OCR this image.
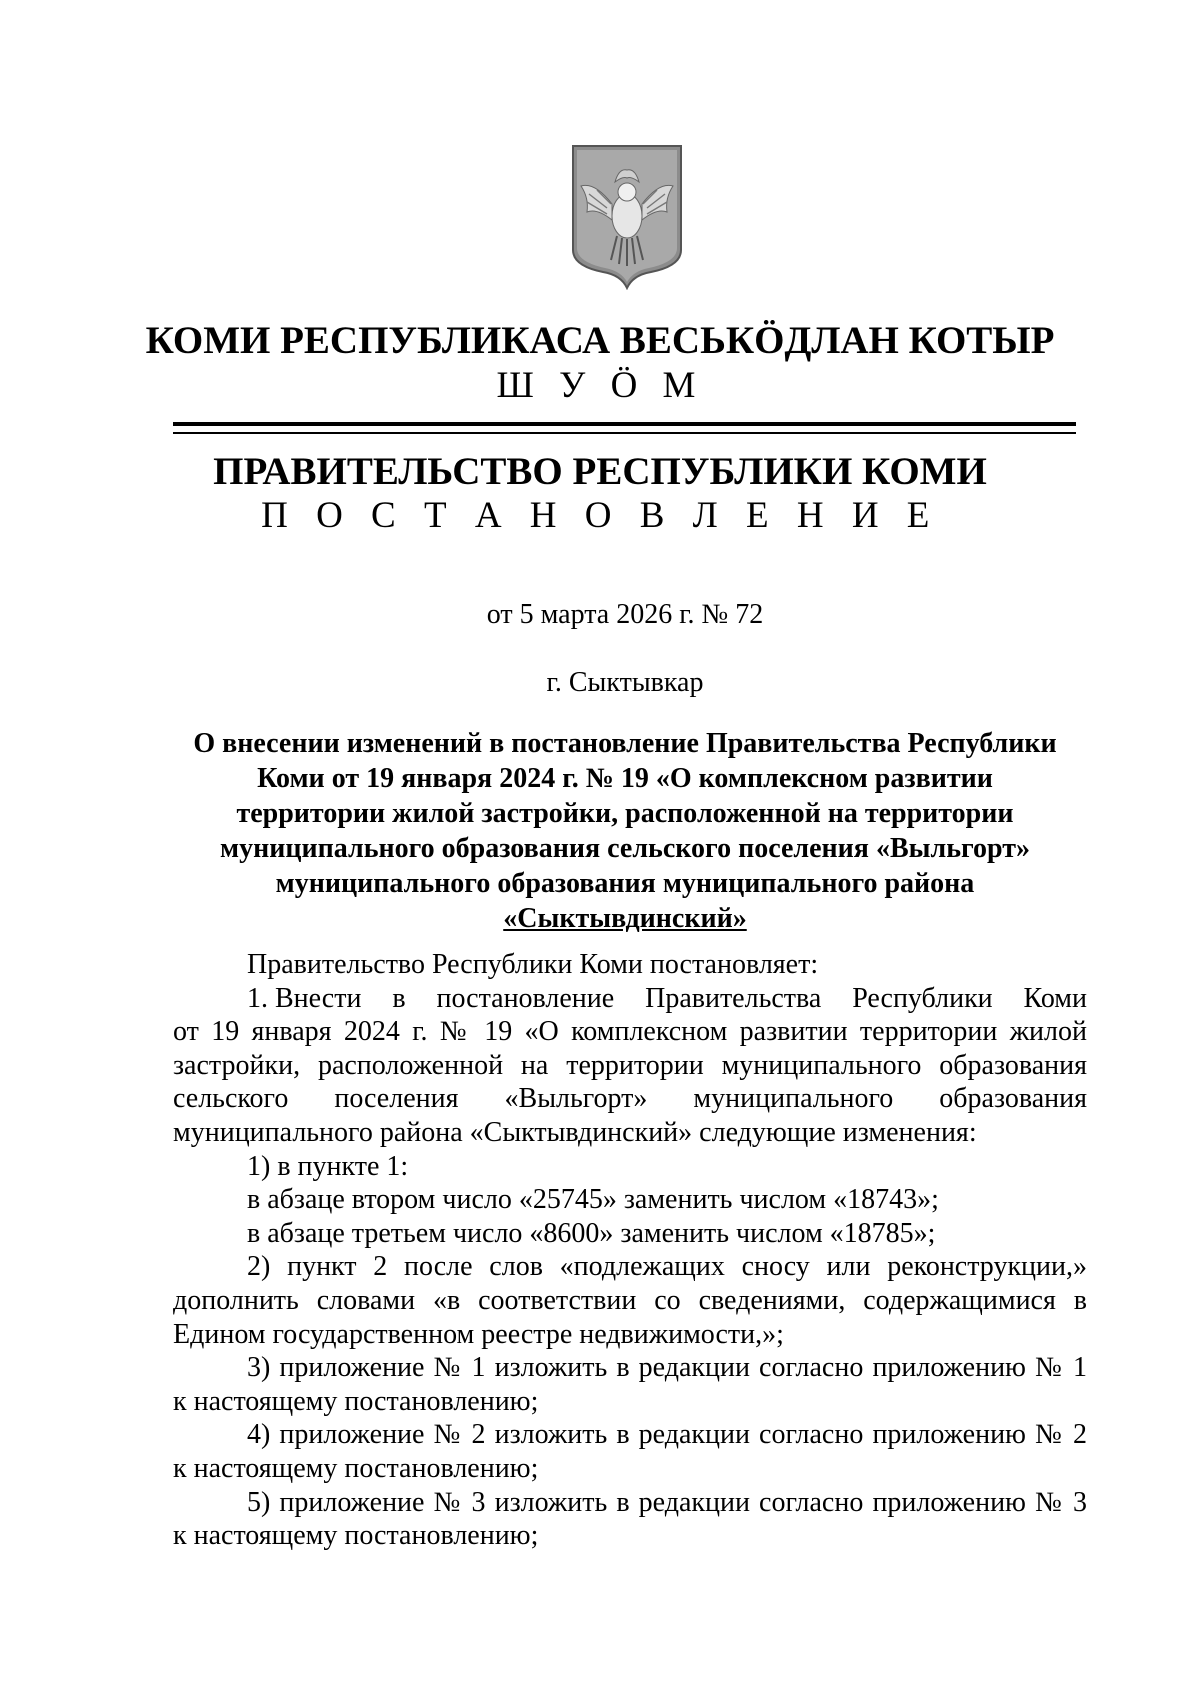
КОМИ РЕСПУБЛИКАСА ВЕСЬКӦДЛАН КОТЫР

Ш У Ӧ М

ПРАВИТЕЛЬСТВО РЕСПУБЛИКИ КОМИ

П О С Т А Н О В Л Е Н И Е

от 5 марта 2026 г. № 72

г. Сыктывкар

О внесении изменений в постановление Правительства Республики
Коми от 19 января 2024 г. № 19 «О комплексном развитии
территории жилой застройки, расположенной на территории
муниципального образования сельского поселения «Выльгорт»
муниципального образования муниципального района
«Сыктывдинский»
Правительство Республики Коми постановляет:
1. Внести в постановление Правительства Республики Коми
от 19 января 2024 г. № 19 «О комплексном развитии территории жилой
застройки, расположенной на территории муниципального образования
сельского поселения «Выльгорт» муниципального образования
муниципального района «Сыктывдинский» следующие изменения:
1) в пункте 1:
в абзаце втором число «25745» заменить числом «18743»;
в абзаце третьем число «8600» заменить числом «18785»;
2) пункт 2 после слов «подлежащих сносу или реконструкции,»
дополнить словами «в соответствии со сведениями, содержащимися в
Едином государственном реестре недвижимости,»;
3) приложение № 1 изложить в редакции согласно приложению № 1
к настоящему постановлению;
4) приложение № 2 изложить в редакции согласно приложению № 2
к настоящему постановлению;
5) приложение № 3 изложить в редакции согласно приложению № 3
к настоящему постановлению;
